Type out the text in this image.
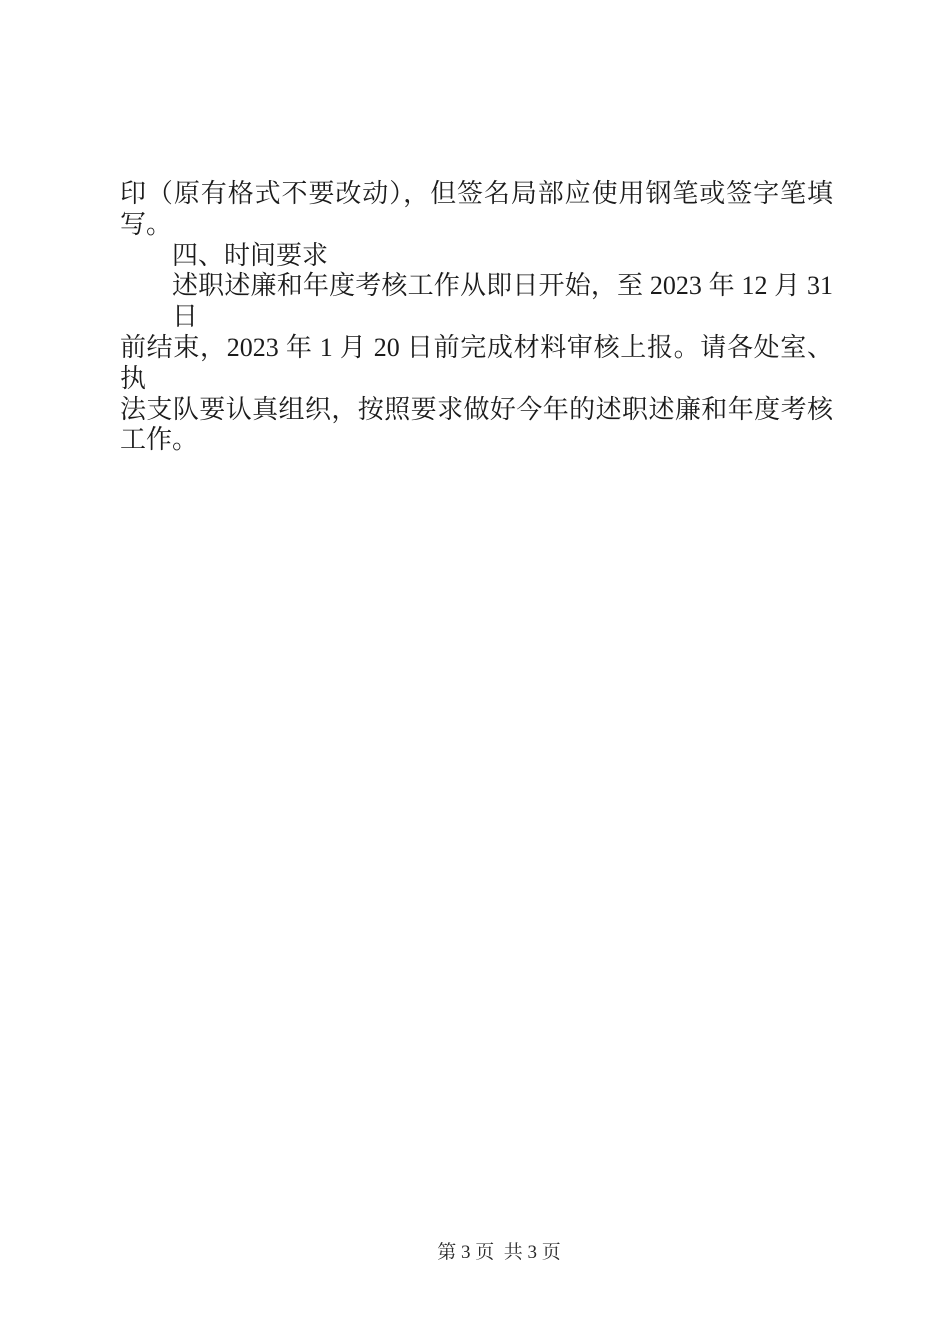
印（原有格式不要改动），但签名局部应使用钢笔或签字笔填
写。
四、时间要求
述职述廉和年度考核工作从即日开始，至 2023 年 12 月 31 日
前结束，2023 年 1 月 20 日前完成材料审核上报。请各处室、执
法支队要认真组织，按照要求做好今年的述职述廉和年度考核
工作。
第 3 页  共 3 页
